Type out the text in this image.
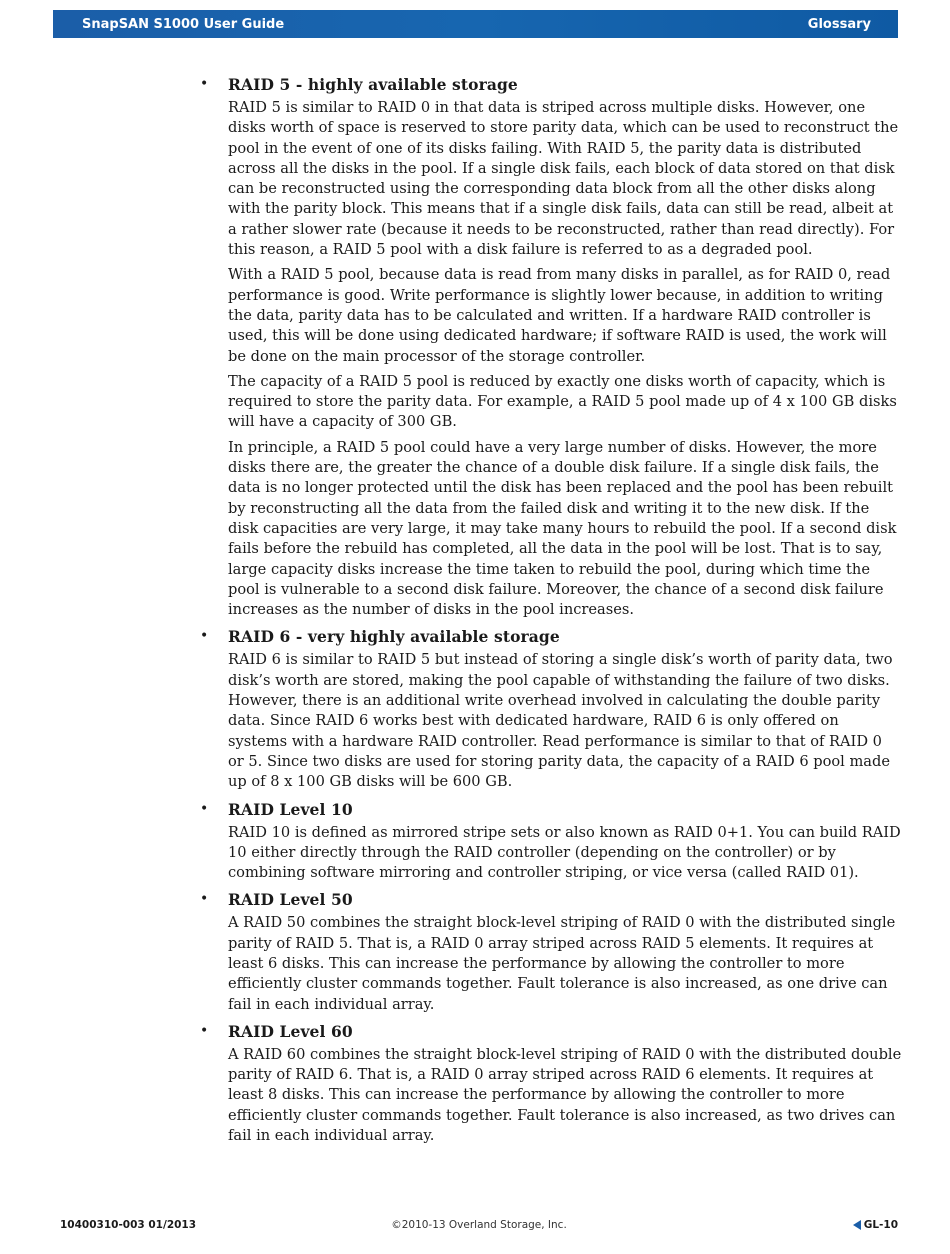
SnapSAN S1000 User Guide	Glossary
• RAID 5 - highly available storage

RAID 5 is similar to RAID 0 in that data is striped across multiple disks. However, one disks worth of space is reserved to store parity data, which can be used to reconstruct the pool in the event of one of its disks failing. With RAID 5, the parity data is distributed across all the disks in the pool. If a single disk fails, each block of data stored on that disk can be reconstructed using the corresponding data block from all the other disks along with the parity block. This means that if a single disk fails, data can still be read, albeit at a rather slower rate (because it needs to be reconstructed, rather than read directly). For this reason, a RAID 5 pool with a disk failure is referred to as a degraded pool.

With a RAID 5 pool, because data is read from many disks in parallel, as for RAID 0, read performance is good. Write performance is slightly lower because, in addition to writing the data, parity data has to be calculated and written. If a hardware RAID controller is used, this will be done using dedicated hardware; if software RAID is used, the work will be done on the main processor of the storage controller.

The capacity of a RAID 5 pool is reduced by exactly one disks worth of capacity, which is required to store the parity data. For example, a RAID 5 pool made up of 4 x 100 GB disks will have a capacity of 300 GB.

In principle, a RAID 5 pool could have a very large number of disks. However, the more disks there are, the greater the chance of a double disk failure. If a single disk fails, the data is no longer protected until the disk has been replaced and the pool has been rebuilt by reconstructing all the data from the failed disk and writing it to the new disk. If the disk capacities are very large, it may take many hours to rebuild the pool. If a second disk fails before the rebuild has completed, all the data in the pool will be lost. That is to say, large capacity disks increase the time taken to rebuild the pool, during which time the pool is vulnerable to a second disk failure. Moreover, the chance of a second disk failure increases as the number of disks in the pool increases.

• RAID 6 - very highly available storage

RAID 6 is similar to RAID 5 but instead of storing a single disk’s worth of parity data, two disk’s worth are stored, making the pool capable of withstanding the failure of two disks. However, there is an additional write overhead involved in calculating the double parity data. Since RAID 6 works best with dedicated hardware, RAID 6 is only offered on systems with a hardware RAID controller. Read performance is similar to that of RAID 0 or 5. Since two disks are used for storing parity data, the capacity of a RAID 6 pool made up of 8 x 100 GB disks will be 600 GB.

• RAID Level 10

RAID 10 is defined as mirrored stripe sets or also known as RAID 0+1. You can build RAID 10 either directly through the RAID controller (depending on the controller) or by combining software mirroring and controller striping, or vice versa (called RAID 01).

• RAID Level 50

A RAID 50 combines the straight block-level striping of RAID 0 with the distributed single parity of RAID 5. That is, a RAID 0 array striped across RAID 5 elements. It requires at least 6 disks. This can increase the performance by allowing the controller to more efficiently cluster commands together. Fault tolerance is also increased, as one drive can fail in each individual array.

• RAID Level 60

A RAID 60 combines the straight block-level striping of RAID 0 with the distributed double parity of RAID 6. That is, a RAID 0 array striped across RAID 6 elements. It requires at least 8 disks. This can increase the performance by allowing the controller to more efficiently cluster commands together. Fault tolerance is also increased, as two drives can fail in each individual array.

10400310-003 01/2013	©2010-13 Overland Storage, Inc.	GL-10
